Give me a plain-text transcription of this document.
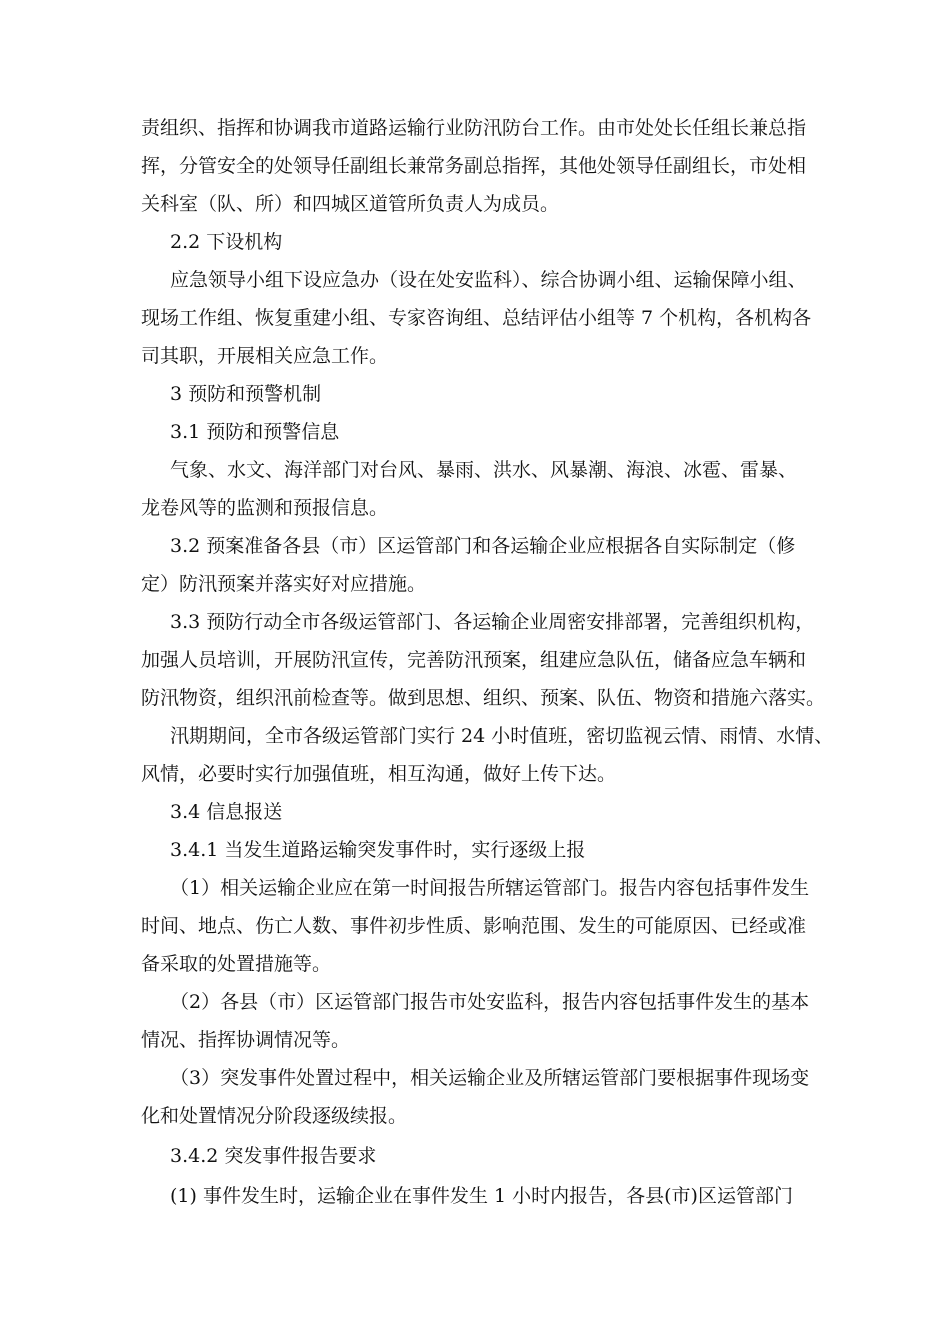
责组织、指挥和协调我市道路运输行业防汛防台工作。由市处处长任组长兼总指
挥，分管安全的处领导任副组长兼常务副总指挥，其他处领导任副组长，市处相
关科室（队、所）和四城区道管所负责人为成员。
2.2 下设机构
应急领导小组下设应急办（设在处安监科）、综合协调小组、运输保障小组、
现场工作组、恢复重建小组、专家咨询组、总结评估小组等 7 个机构，各机构各
司其职，开展相关应急工作。
3 预防和预警机制
3.1 预防和预警信息
气象、水文、海洋部门对台风、暴雨、洪水、风暴潮、海浪、冰雹、雷暴、
龙卷风等的监测和预报信息。
3.2 预案准备各县（市）区运管部门和各运输企业应根据各自实际制定（修
定）防汛预案并落实好对应措施。
3.3 预防行动全市各级运管部门、各运输企业周密安排部署，完善组织机构，
加强人员培训，开展防汛宣传，完善防汛预案，组建应急队伍，储备应急车辆和
防汛物资，组织汛前检查等。做到思想、组织、预案、队伍、物资和措施六落实。
汛期期间，全市各级运管部门实行 24 小时值班，密切监视云情、雨情、水情、
风情，必要时实行加强值班，相互沟通，做好上传下达。
3.4 信息报送
3.4.1 当发生道路运输突发事件时，实行逐级上报
（1）相关运输企业应在第一时间报告所辖运管部门。报告内容包括事件发生
时间、地点、伤亡人数、事件初步性质、影响范围、发生的可能原因、已经或准
备采取的处置措施等。
（2）各县（市）区运管部门报告市处安监科，报告内容包括事件发生的基本
情况、指挥协调情况等。
（3）突发事件处置过程中，相关运输企业及所辖运管部门要根据事件现场变
化和处置情况分阶段逐级续报。
3.4.2 突发事件报告要求
(1) 事件发生时，运输企业在事件发生 1 小时内报告，各县(市)区运管部门
